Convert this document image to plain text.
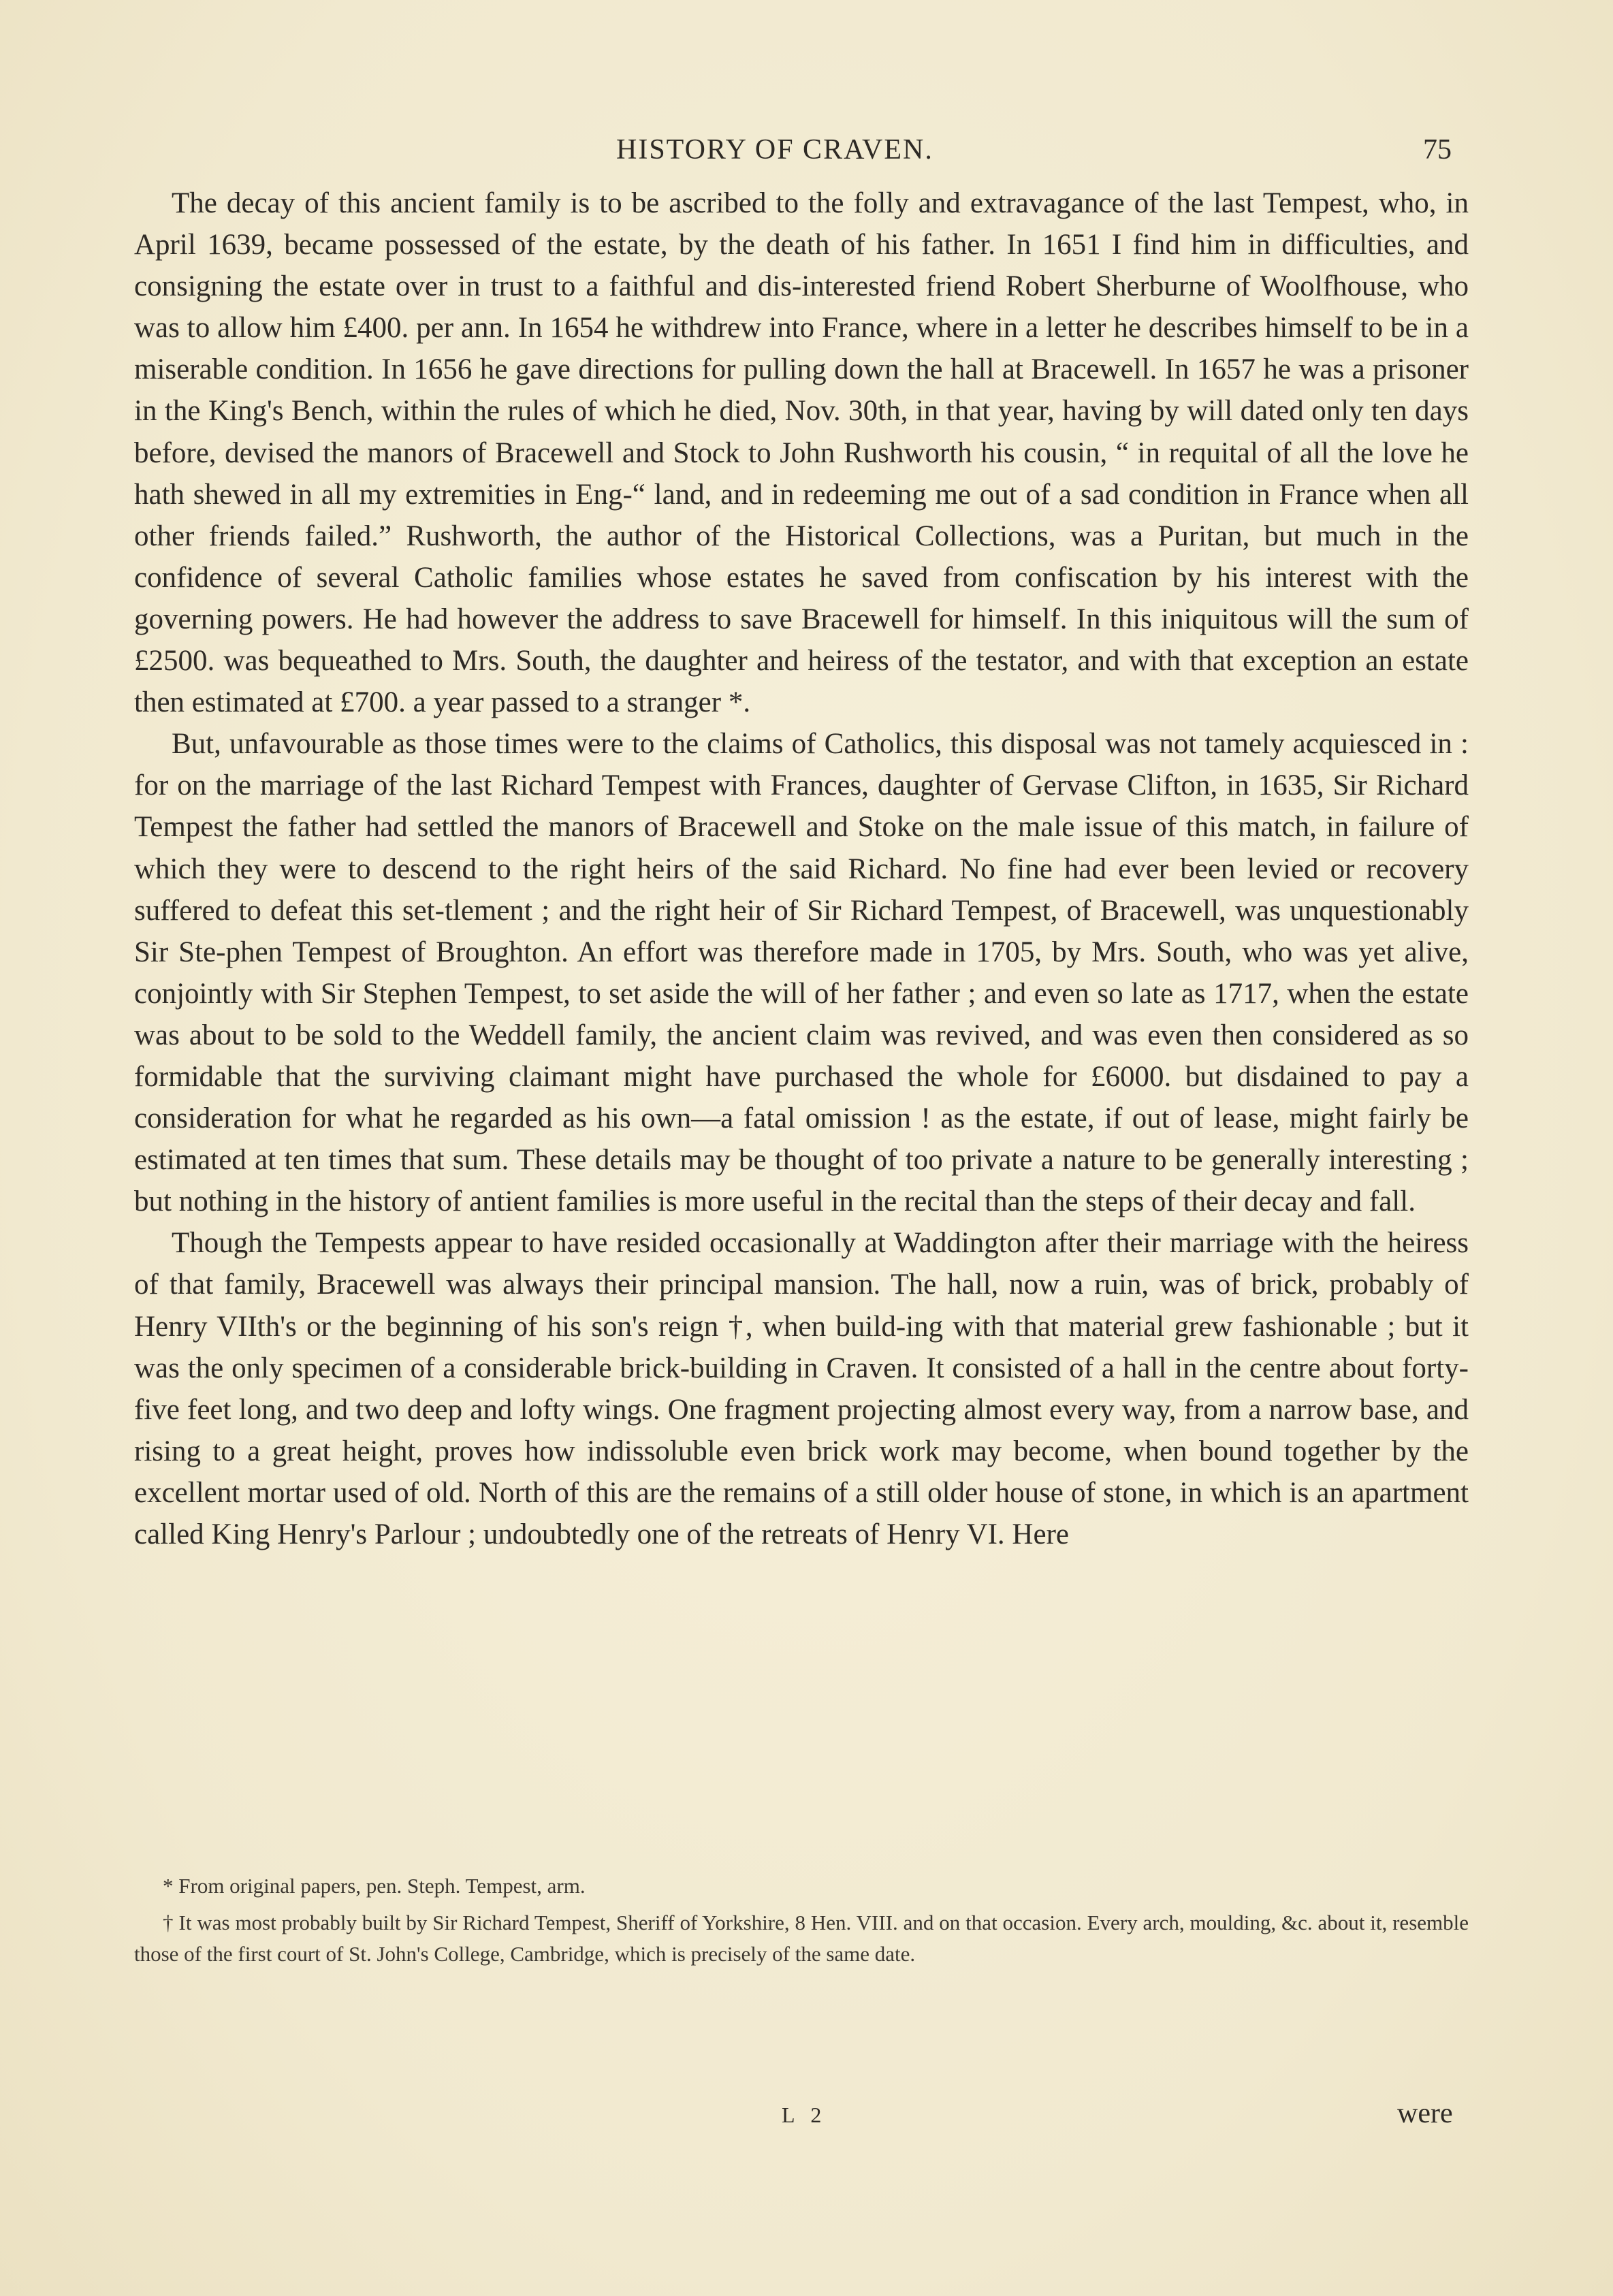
HISTORY OF CRAVEN.	75

The decay of this ancient family is to be ascribed to the folly and extravagance of the last Tempest, who, in April 1639, became possessed of the estate, by the death of his father. In 1651 I find him in difficulties, and consigning the estate over in trust to a faithful and dis-interested friend Robert Sherburne of Woolfhouse, who was to allow him £400. per ann. In 1654 he withdrew into France, where in a letter he describes himself to be in a miserable condition. In 1656 he gave directions for pulling down the hall at Bracewell. In 1657 he was a prisoner in the King's Bench, within the rules of which he died, Nov. 30th, in that year, having by will dated only ten days before, devised the manors of Bracewell and Stock to John Rushworth his cousin, “ in requital of all the love he hath shewed in all my extremities in Eng-“ land, and in redeeming me out of a sad condition in France when all other friends failed.” Rushworth, the author of the Historical Collections, was a Puritan, but much in the confidence of several Catholic families whose estates he saved from confiscation by his interest with the governing powers. He had however the address to save Bracewell for himself. In this iniquitous will the sum of £2500. was bequeathed to Mrs. South, the daughter and heiress of the testator, and with that exception an estate then estimated at £700. a year passed to a stranger *.

But, unfavourable as those times were to the claims of Catholics, this disposal was not tamely acquiesced in : for on the marriage of the last Richard Tempest with Frances, daughter of Gervase Clifton, in 1635, Sir Richard Tempest the father had settled the manors of Bracewell and Stoke on the male issue of this match, in failure of which they were to descend to the right heirs of the said Richard. No fine had ever been levied or recovery suffered to defeat this set-tlement ; and the right heir of Sir Richard Tempest, of Bracewell, was unquestionably Sir Ste-phen Tempest of Broughton. An effort was therefore made in 1705, by Mrs. South, who was yet alive, conjointly with Sir Stephen Tempest, to set aside the will of her father ; and even so late as 1717, when the estate was about to be sold to the Weddell family, the ancient claim was revived, and was even then considered as so formidable that the surviving claimant might have purchased the whole for £6000. but disdained to pay a consideration for what he regarded as his own—a fatal omission ! as the estate, if out of lease, might fairly be estimated at ten times that sum. These details may be thought of too private a nature to be generally interesting ; but nothing in the history of antient families is more useful in the recital than the steps of their decay and fall.

Though the Tempests appear to have resided occasionally at Waddington after their marriage with the heiress of that family, Bracewell was always their principal mansion. The hall, now a ruin, was of brick, probably of Henry VIIth's or the beginning of his son's reign †, when build-ing with that material grew fashionable ; but it was the only specimen of a considerable brick-building in Craven. It consisted of a hall in the centre about forty-five feet long, and two deep and lofty wings. One fragment projecting almost every way, from a narrow base, and rising to a great height, proves how indissoluble even brick work may become, when bound together by the excellent mortar used of old. North of this are the remains of a still older house of stone, in which is an apartment called King Henry's Parlour ; undoubtedly one of the retreats of Henry VI. Here

* From original papers, pen. Steph. Tempest, arm.

† It was most probably built by Sir Richard Tempest, Sheriff of Yorkshire, 8 Hen. VIII. and on that occasion. Every arch, moulding, &c. about it, resemble those of the first court of St. John's College, Cambridge, which is precisely of the same date.

L 2	were
